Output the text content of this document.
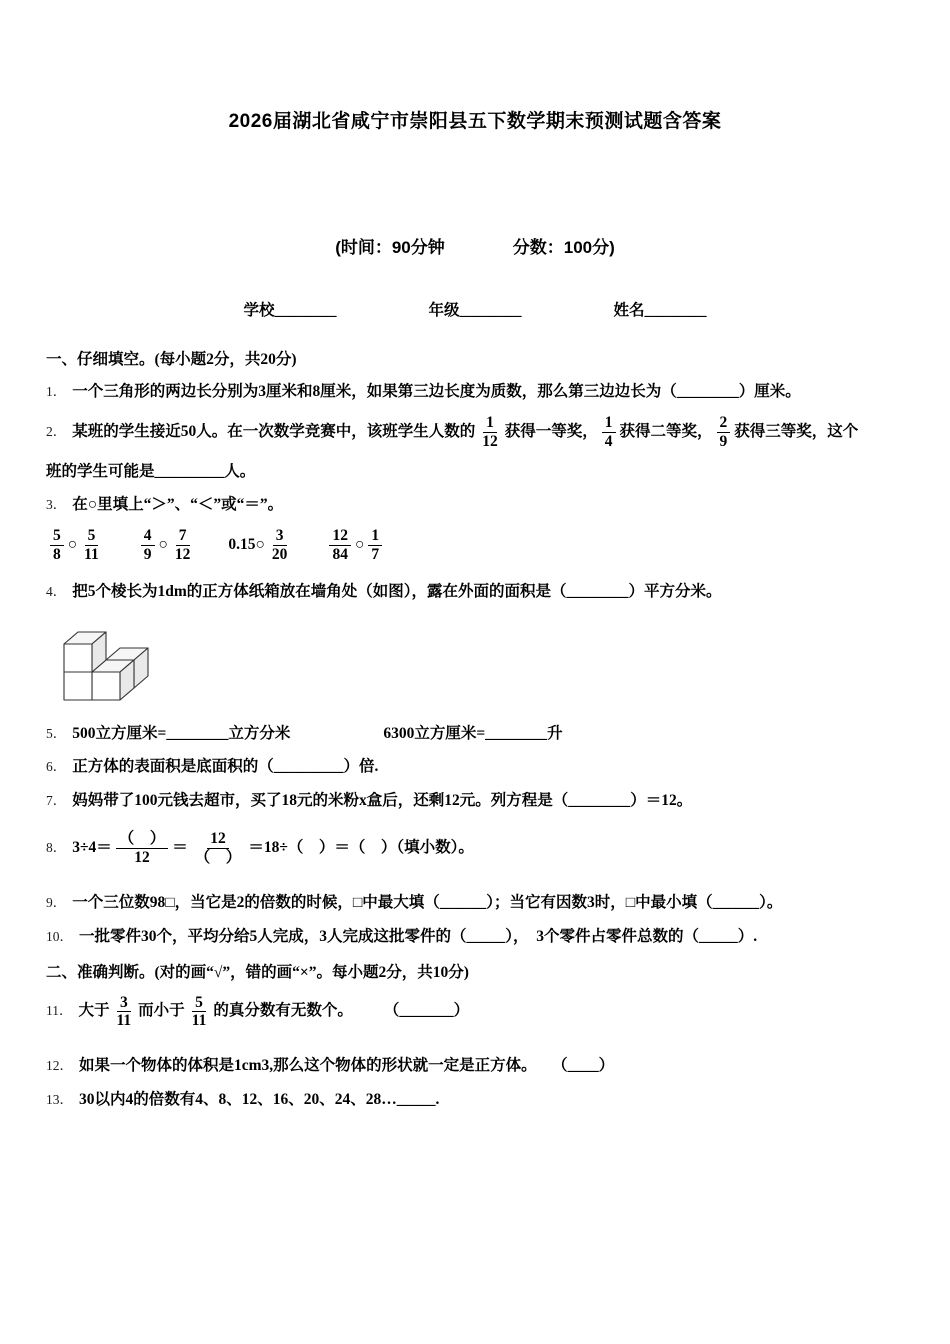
2026届湖北省咸宁市崇阳县五下数学期末预测试题含答案
(时间：90分钟　　　　分数：100分)
学校________	年级________	姓名________
一、仔细填空。(每小题2分，共20分)
1． 一个三角形的两边长分别为3厘米和8厘米，如果第三边长度为质数，那么第三边边长为（________）厘米。
2． 某班的学生接近50人。在一次数学竞赛中，该班学生人数的 $\frac{1}{12}$ 获得一等奖， $\frac{1}{4}$ 获得二等奖， $\frac{2}{9}$ 获得三等奖，这个
班的学生可能是_________人。
3． 在○里填上“＞”、“＜”或“＝”。
$\frac{5}{8}$ ○ $\frac{5}{11}$
　　	$\frac{4}{9}$ ○ $\frac{7}{12}$ 　　0.15○ $\frac{3}{20}$
　　	$\frac{12}{84}$ ○ $\frac{1}{7}$
4． 把5个棱长为1dm的正方体纸箱放在墙角处（如图），露在外面的面积是（________）平方分米。
5． 500立方厘米=________立方分米　　　　　　6300立方厘米=________升
6． 正方体的表面积是底面积的（_________）倍.
7． 妈妈带了100元钱去超市，买了18元的米粉x盒后，还剩12元。列方程是（________）＝12。
8． $3\div 4= \frac{( )}{12} = \frac{12}{( )} =18\div$（　）＝（　）（填小数）。
9． 一个三位数98□，当它是2的倍数的时候，□中最大填（______）；当它有因数3时，□中最小填（______）。
10． 一批零件30个，平均分给5人完成，3人完成这批零件的（_____），　3个零件占零件总数的（_____）.
二、准确判断。(对的画“√”，错的画“×”。每小题2分，共10分)
11． 大于 $\frac{3}{11}$ 而小于 $\frac{5}{11}$ 的真分数有无数个。　　　（_______）
12． 如果一个物体的体积是1cm3,那么这个物体的形状就一定是正方体。　　（____）
13． 30以内4的倍数有4、8、12、16、20、24、28…_____.
